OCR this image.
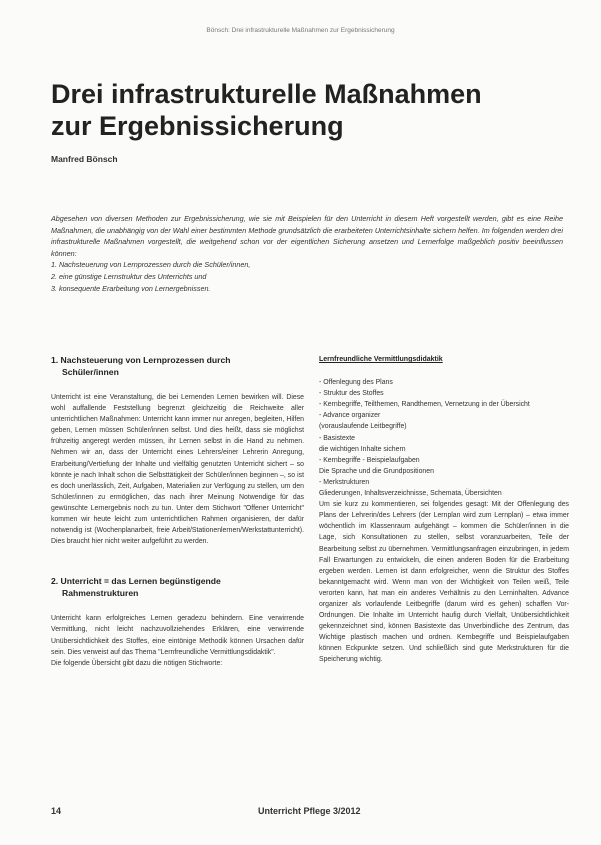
Bönsch: Drei infrastrukturelle Maßnahmen zur Ergebnissicherung
Drei infrastrukturelle Maßnahmen
zur Ergebnissicherung
Manfred Bönsch

Abgesehen von diversen Methoden zur Ergebnissicherung, wie sie mit Beispielen für den Unterricht in diesem Heft vorgestellt werden, gibt es eine Reihe Maßnahmen, die unabhängig von der Wahl einer bestimmten Methode grundsätzlich die erarbeiteten Unterrichtsinhalte sichern helfen. Im folgenden werden drei infrastrukturelle Maßnahmen vorgestellt, die weitgehend schon vor der eigentlichen Sicherung ansetzen und Lernerfolge maßgeblich positiv beeinflussen können:

1. Nachsteuerung von Lernprozessen durch die Schüler/innen,
2. eine günstige Lernstruktur des Unterrichts und
3. konsequente Erarbeitung von Lernergebnissen.
1. Nachsteuerung von Lernprozessen durch
Schüler/innen

Unterricht ist eine Veranstaltung, die bei Lernenden Lernen bewirken will. Diese wohl auffallende Feststellung begrenzt gleichzeitig die Reichweite aller unterrichtlichen Maßnahmen: Unterricht kann immer nur anregen, begleiten, Hilfen geben, Lernen müssen Schüler/innen selbst. Und dies heißt, dass sie möglichst frühzeitig angeregt werden müssen, ihr Lernen selbst in die Hand zu nehmen. Nehmen wir an, dass der Unterricht eines Lehrers/einer Lehrerin Anregung, Erarbeitung/Vertiefung der Inhalte und vielfältig genutzten Unterricht sichert – so könnte je nach Inhalt schon die Selbsttätigkeit der Schüler/innen beginnen –, so ist es doch unerlässlich, Zeit, Aufgaben, Materialien zur Verfügung zu stellen, um den Schüler/innen zu ermöglichen, das nach ihrer Meinung Notwendige für das gewünschte Lernergebnis noch zu tun. Unter dem Stichwort "Offener Unterricht" kommen wir heute leicht zum unterrichtlichen Rahmen organisieren, der dafür notwendig ist (Wochenplanarbeit, freie Arbeit/Stationenlernen/Werkstattunterricht). Dies braucht hier nicht weiter aufgeführt zu werden.

2. Unterricht = das Lernen begünstigende
Rahmenstrukturen

Unterricht kann erfolgreiches Lernen geradezu behindern. Eine verwirrende Vermittlung, nicht leicht nachzuvollziehendes Erklären, eine verwirrende Unübersichtlichkeit des Stoffes, eine eintönige Methodik können Ursachen dafür sein. Dies verweist auf das Thema "Lernfreundliche Vermittlungsdidaktik".

Die folgende Übersicht gibt dazu die nötigen Stichworte:

Lernfreundliche Vermittlungsdidaktik
- Offenlegung des Plans
- Struktur des Stoffes
- Kernbegriffe, Teilthemen, Randthemen, Vernetzung in der Übersicht
- Advance organizer
(vorauslaufende Leitbegriffe)
- Basistexte
die wichtigen Inhalte sichern
- Kernbegriffe - Beispielaufgaben
Die Sprache und die Grundpositionen
- Merkstrukturen
Gliederungen, Inhaltsverzeichnisse, Schemata, Übersichten

Um sie kurz zu kommentieren, sei folgendes gesagt: Mit der Offenlegung des Plans der Lehrerin/des Lehrers (der Lernplan wird zum Lernplan) – etwa immer wöchentlich im Klassenraum aufgehängt – kommen die Schüler/innen in die Lage, sich Konsultationen zu stellen, selbst voranzuarbeiten, Teile der Bearbeitung selbst zu übernehmen. Vermittlungsanfragen einzubringen, in jedem Fall Erwartungen zu entwickeln, die einen anderen Boden für die Erarbeitung ergeben werden. Lernen ist dann erfolgreicher, wenn die Struktur des Stoffes bekanntgemacht wird. Wenn man von der Wichtigkeit von Teilen weiß, Teile verorten kann, hat man ein anderes Verhältnis zu den Lerninhalten. Advance organizer als vorlaufende Leitbegriffe (darum wird es gehen) schaffen Vor-Ordnungen. Die Inhalte im Unterricht haufig durch Vielfalt, Unübersichtlichkeit gekennzeichnet sind, können Basistexte das Unverbindliche des Zentrum, das Wichtige plastisch machen und ordnen. Kernbegriffe und Beispielaufgaben können Eckpunkte setzen. Und schließlich sind gute Merkstrukturen für die Speicherung wichtig.

14	Unterricht Pflege 3/2012
